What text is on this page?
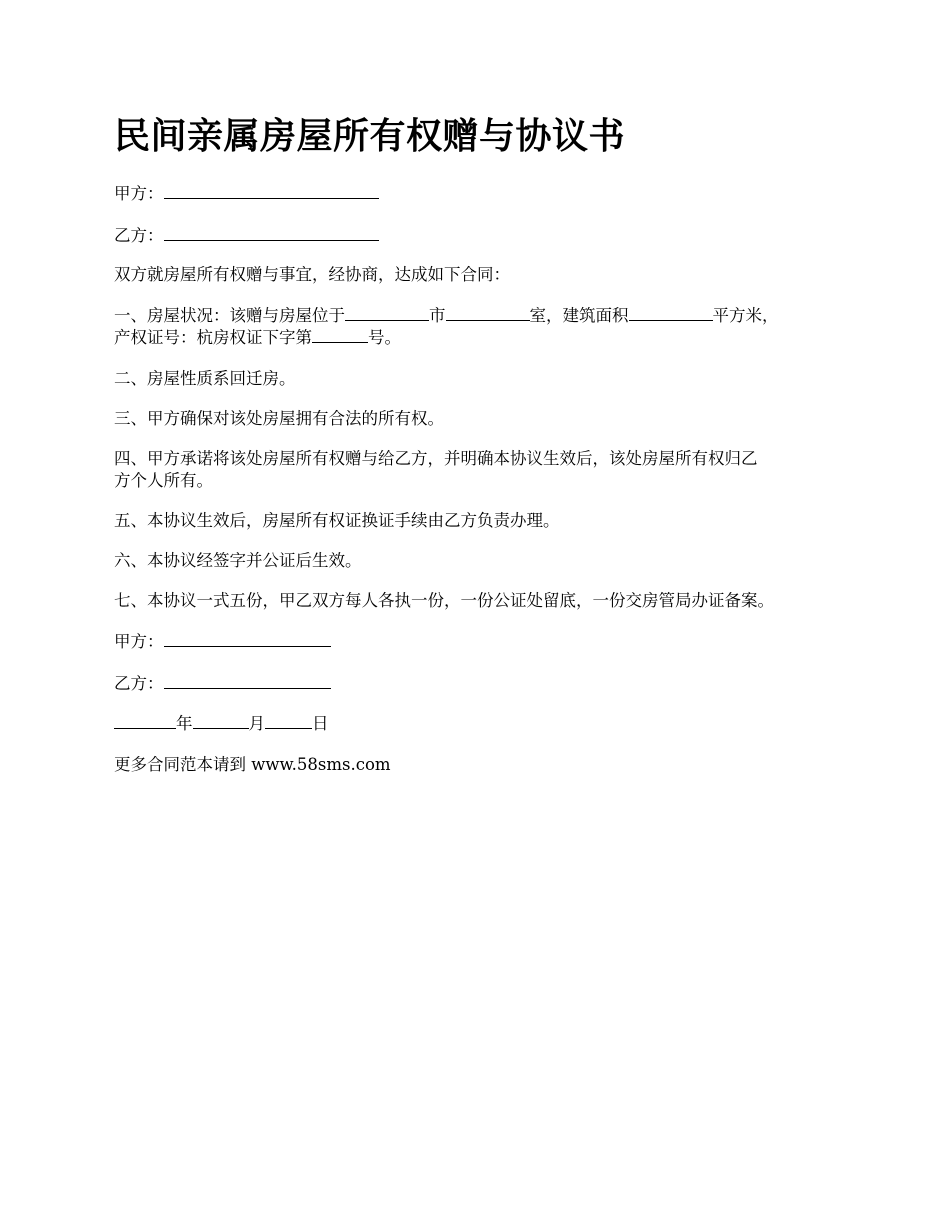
民间亲属房屋所有权赠与协议书

甲方：

乙方：

双方就房屋所有权赠与事宜，经协商，达成如下合同：

一、房屋状况：该赠与房屋位于	市	室，建筑面积	平方米，

产权证号：杭房权证下字第	号。

二、房屋性质系回迁房。

三、甲方确保对该处房屋拥有合法的所有权。

四、甲方承诺将该处房屋所有权赠与给乙方，并明确本协议生效后，该处房屋所有权归乙

方个人所有。

五、本协议生效后，房屋所有权证换证手续由乙方负责办理。

六、本协议经签字并公证后生效。

七、本协议一式五份，甲乙双方每人各执一份，一份公证处留底，一份交房管局办证备案。

甲方：

乙方：

年	月	日

更多合同范本请到 www.58sms.com
